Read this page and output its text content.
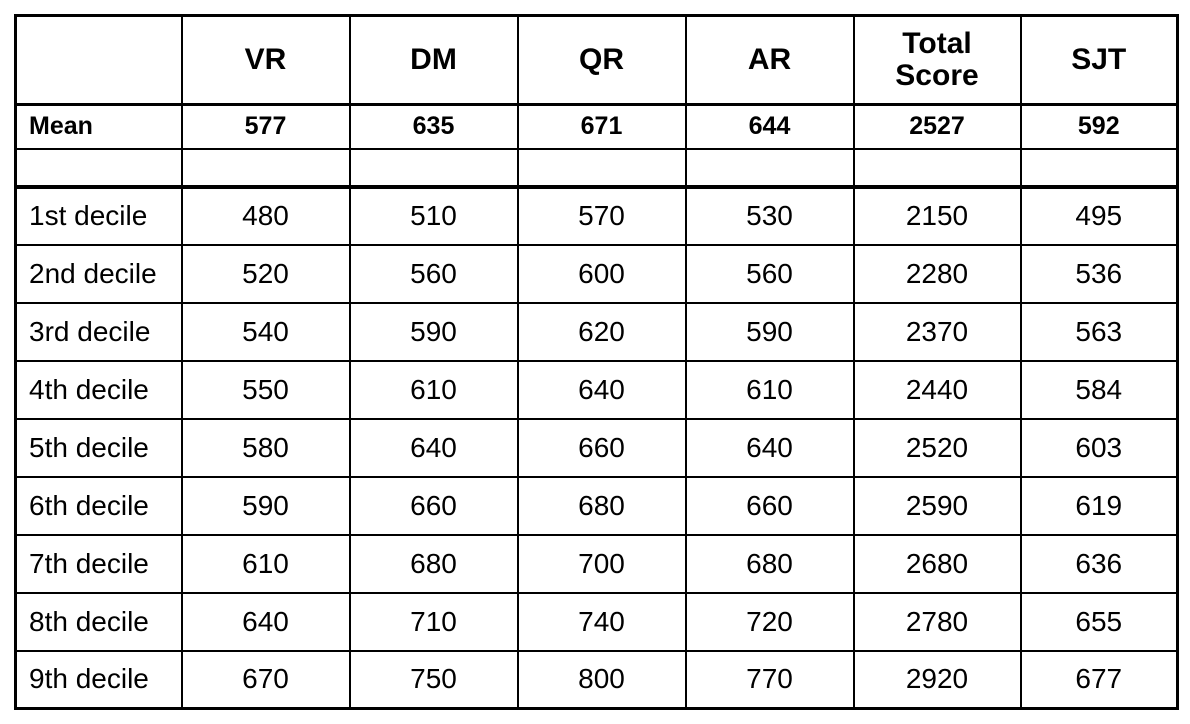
	VR	DM	QR	AR	Total Score	SJT
Mean	577	635	671	644	2527	592

1st decile	480	510	570	530	2150	495
2nd decile	520	560	600	560	2280	536
3rd decile	540	590	620	590	2370	563
4th decile	550	610	640	610	2440	584
5th decile	580	640	660	640	2520	603
6th decile	590	660	680	660	2590	619
7th decile	610	680	700	680	2680	636
8th decile	640	710	740	720	2780	655
9th decile	670	750	800	770	2920	677
